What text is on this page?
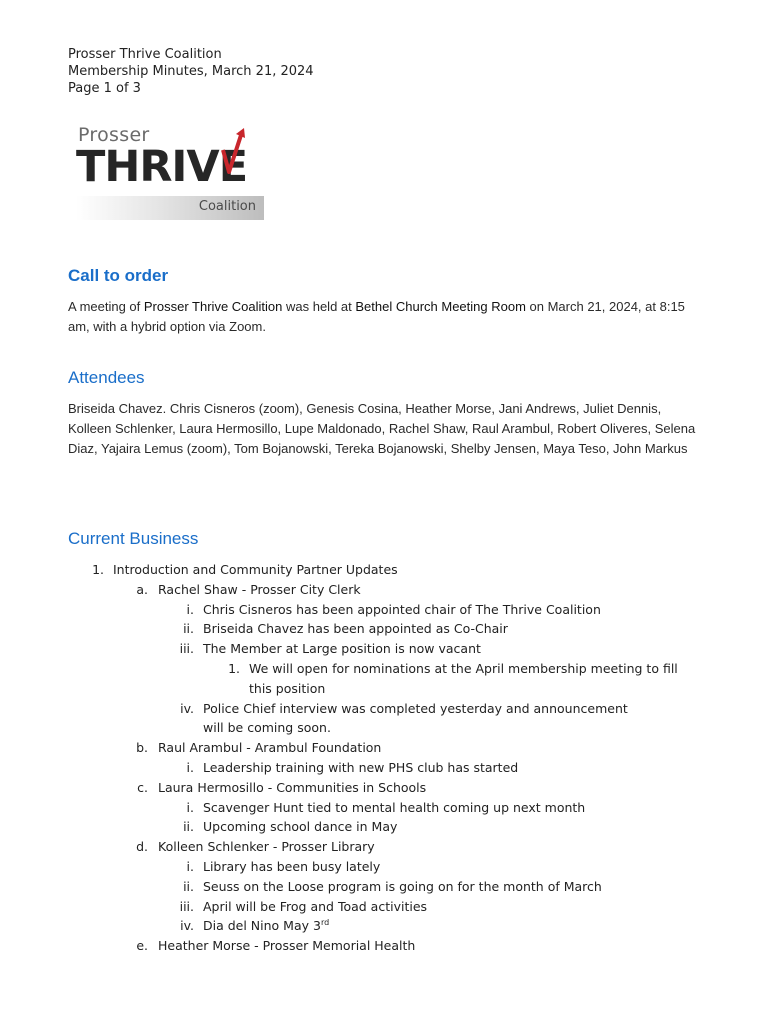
Prosser Thrive Coalition
Membership Minutes, March 21, 2024
Page 1 of 3
Prosser
THRIVE
Coalition
Call to order
A meeting of Prosser Thrive Coalition was held at Bethel Church Meeting Room on March 21, 2024, at 8:15 am, with a hybrid option via Zoom.
Attendees
Briseida Chavez. Chris Cisneros (zoom), Genesis Cosina, Heather Morse, Jani Andrews, Juliet Dennis, Kolleen Schlenker, Laura Hermosillo, Lupe Maldonado, Rachel Shaw, Raul Arambul, Robert Oliveres, Selena Diaz, Yajaira Lemus (zoom), Tom Bojanowski, Tereka Bojanowski, Shelby Jensen, Maya Teso, John Markus
Current Business
1. Introduction and Community Partner Updates
a. Rachel Shaw - Prosser City Clerk
i. Chris Cisneros has been appointed chair of The Thrive Coalition
ii. Briseida Chavez has been appointed as Co-Chair
iii. The Member at Large position is now vacant
1. We will open for nominations at the April membership meeting to fill this position
iv. Police Chief interview was completed yesterday and announcement will be coming soon.
b. Raul Arambul - Arambul Foundation
i. Leadership training with new PHS club has started
c. Laura Hermosillo - Communities in Schools
i. Scavenger Hunt tied to mental health coming up next month
ii. Upcoming school dance in May
d. Kolleen Schlenker - Prosser Library
i. Library has been busy lately
ii. Seuss on the Loose program is going on for the month of March
iii. April will be Frog and Toad activities
iv. Dia del Nino May 3rd
e. Heather Morse - Prosser Memorial Health
